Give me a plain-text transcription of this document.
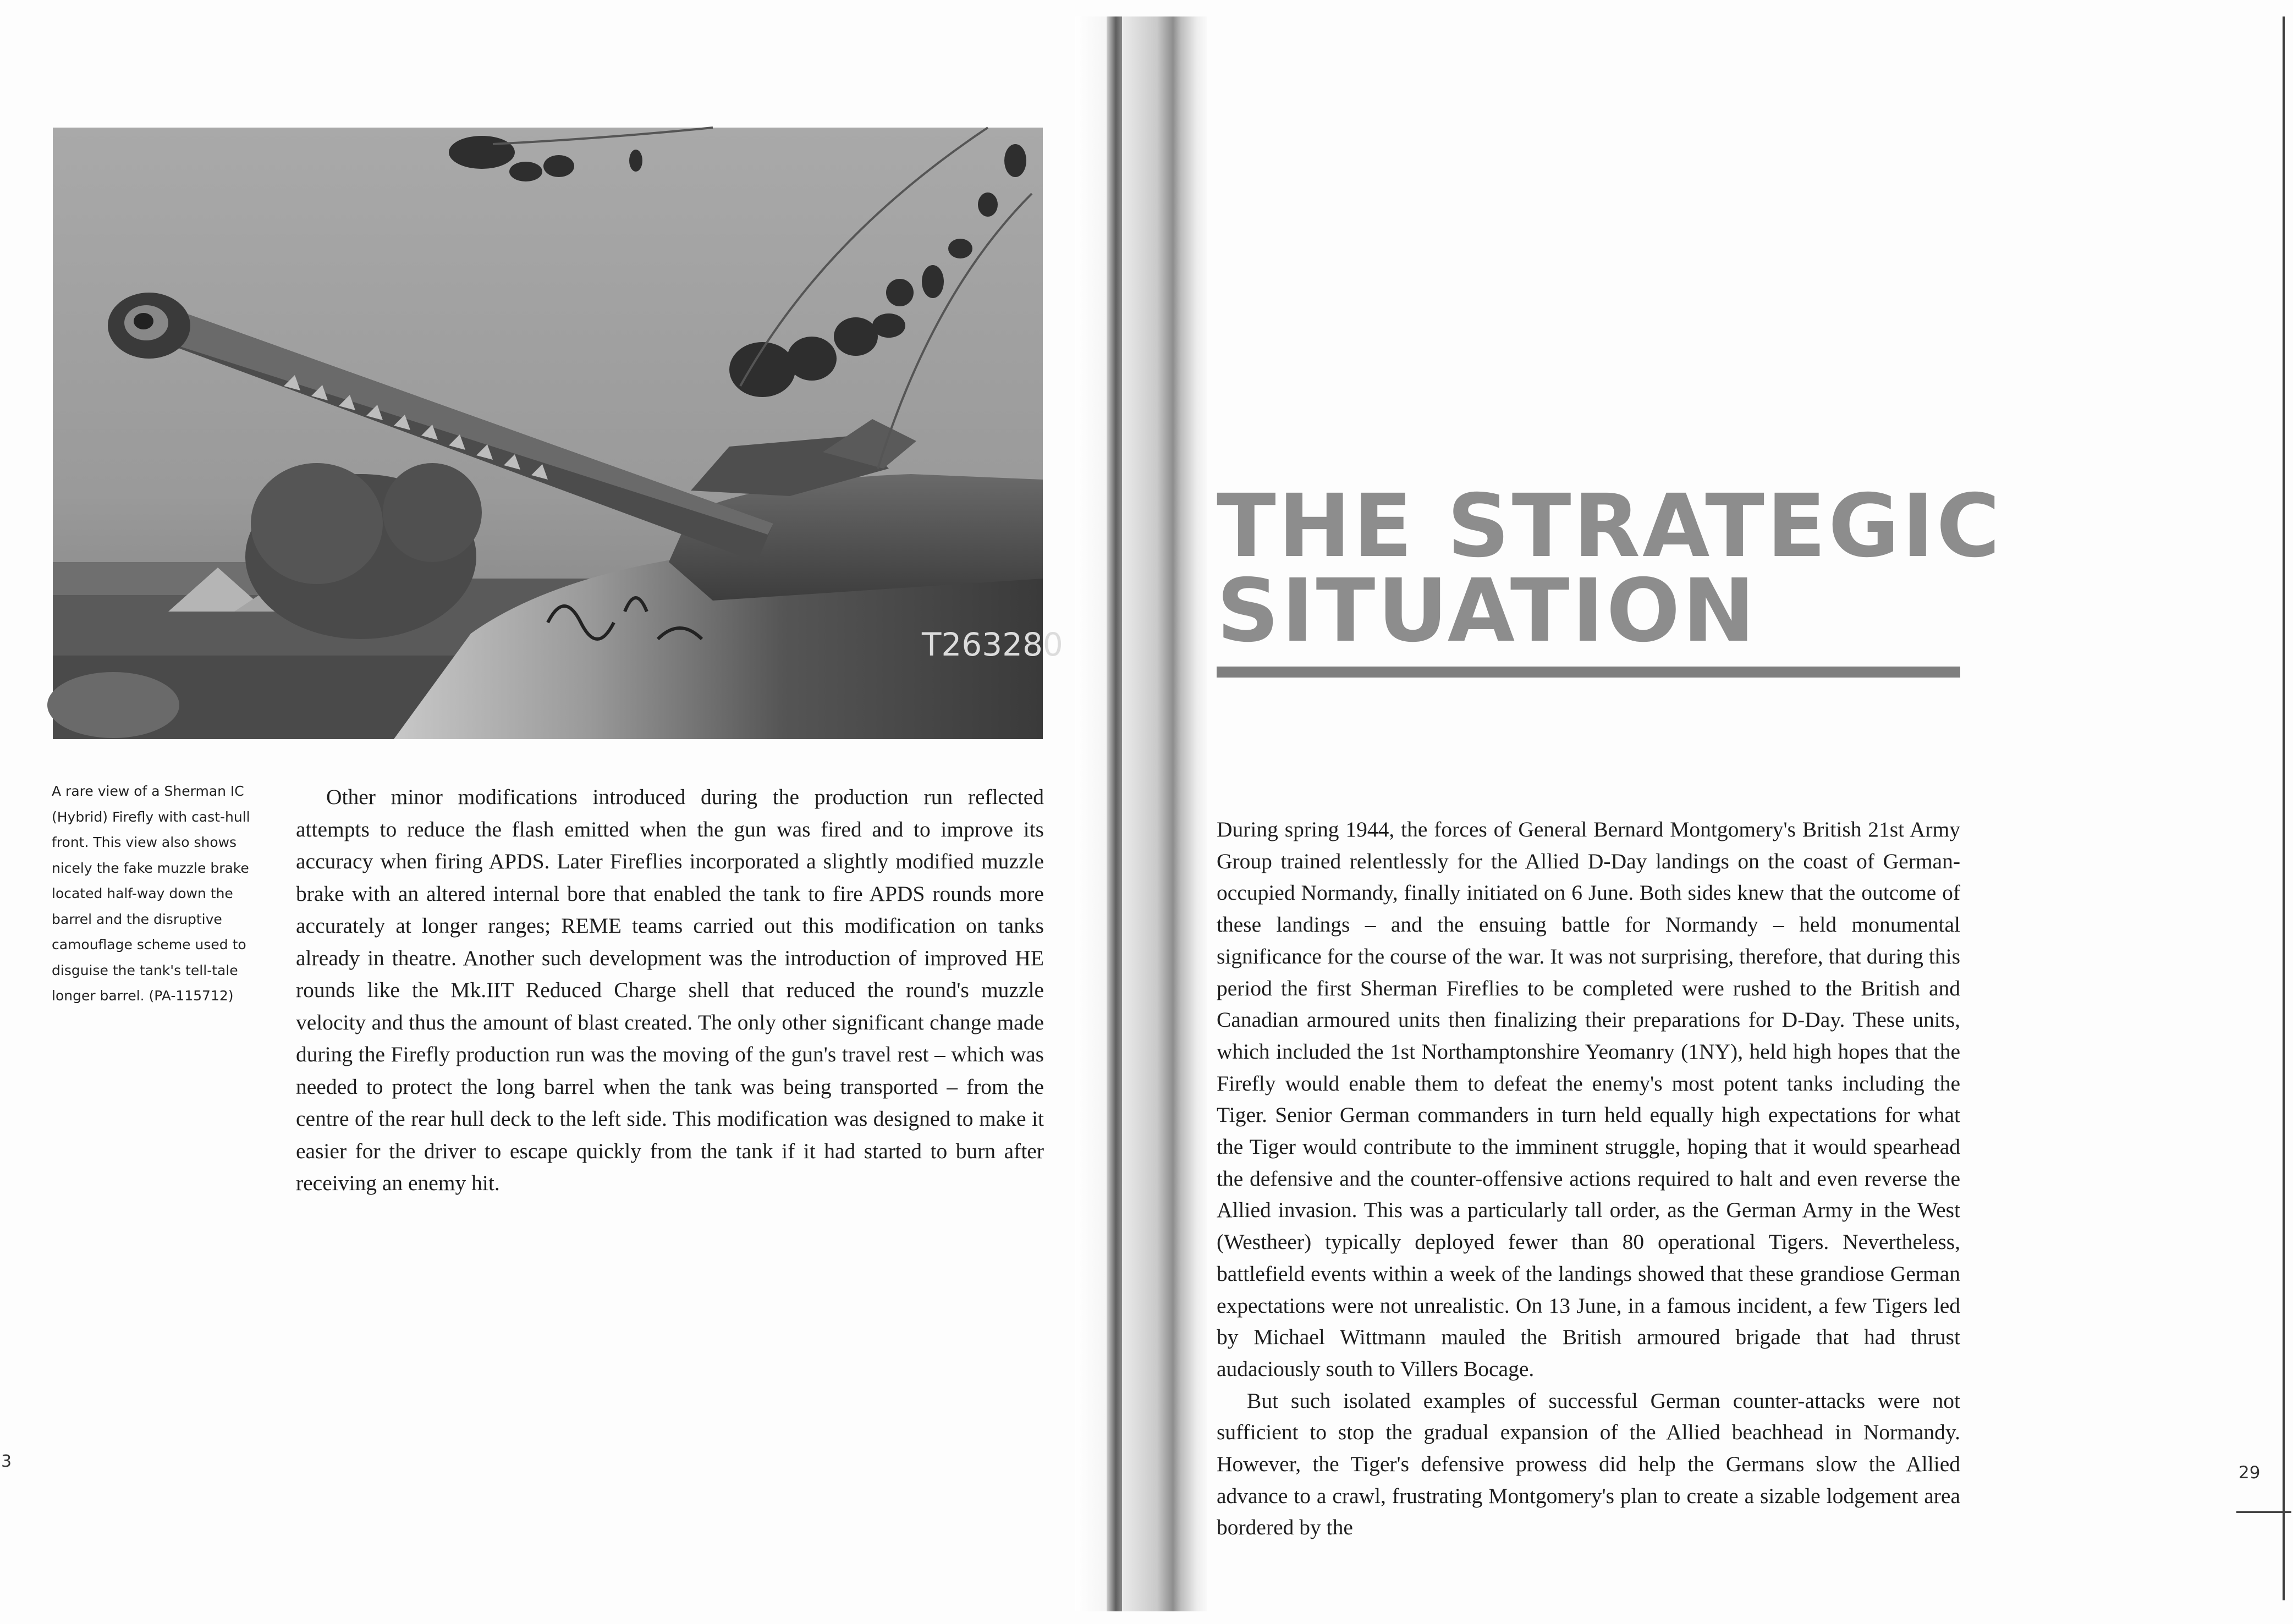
T263280
A rare view of a Sherman IC
(Hybrid) Firefly with cast-hull
front. This view also shows
nicely the fake muzzle brake
located half-way down the
barrel and the disruptive
camouflage scheme used to
disguise the tank's tell-tale
longer barrel. (PA-115712)

Other minor modifications introduced during the production run reflected attempts to reduce the flash emitted when the gun was fired and to improve its accuracy when firing APDS. Later Fireflies incorporated a slightly modified muzzle brake with an altered internal bore that enabled the tank to fire APDS rounds more accurately at longer ranges; REME teams carried out this modification on tanks already in theatre. Another such development was the introduction of improved HE rounds like the Mk.IIT Reduced Charge shell that reduced the round's muzzle velocity and thus the amount of blast created. The only other significant change made during the Firefly production run was the moving of the gun's travel rest – which was needed to protect the long barrel when the tank was being transported – from the centre of the rear hull deck to the left side. This modification was designed to make it easier for the driver to escape quickly from the tank if it had started to burn after receiving an enemy hit.

3
THE STRATEGIC
SITUATION

During spring 1944, the forces of General Bernard Montgomery's British 21st Army Group trained relentlessly for the Allied D-Day landings on the coast of German-occupied Normandy, finally initiated on 6 June. Both sides knew that the outcome of these landings – and the ensuing battle for Normandy – held monumental significance for the course of the war. It was not surprising, therefore, that during this period the first Sherman Fireflies to be completed were rushed to the British and Canadian armoured units then finalizing their preparations for D-Day. These units, which included the 1st Northamptonshire Yeomanry (1NY), held high hopes that the Firefly would enable them to defeat the enemy's most potent tanks including the Tiger. Senior German commanders in turn held equally high expectations for what the Tiger would contribute to the imminent struggle, hoping that it would spearhead the defensive and the counter-offensive actions required to halt and even reverse the Allied invasion. This was a particularly tall order, as the German Army in the West (Westheer) typically deployed fewer than 80 operational Tigers. Nevertheless, battlefield events within a week of the landings showed that these grandiose German expectations were not unrealistic. On 13 June, in a famous incident, a few Tigers led by Michael Wittmann mauled the British armoured brigade that had thrust audaciously south to Villers Bocage.

But such isolated examples of successful German counter-attacks were not sufficient to stop the gradual expansion of the Allied beachhead in Normandy. However, the Tiger's defensive prowess did help the Germans slow the Allied advance to a crawl, frustrating Montgomery's plan to create a sizable lodgement area bordered by the

29
